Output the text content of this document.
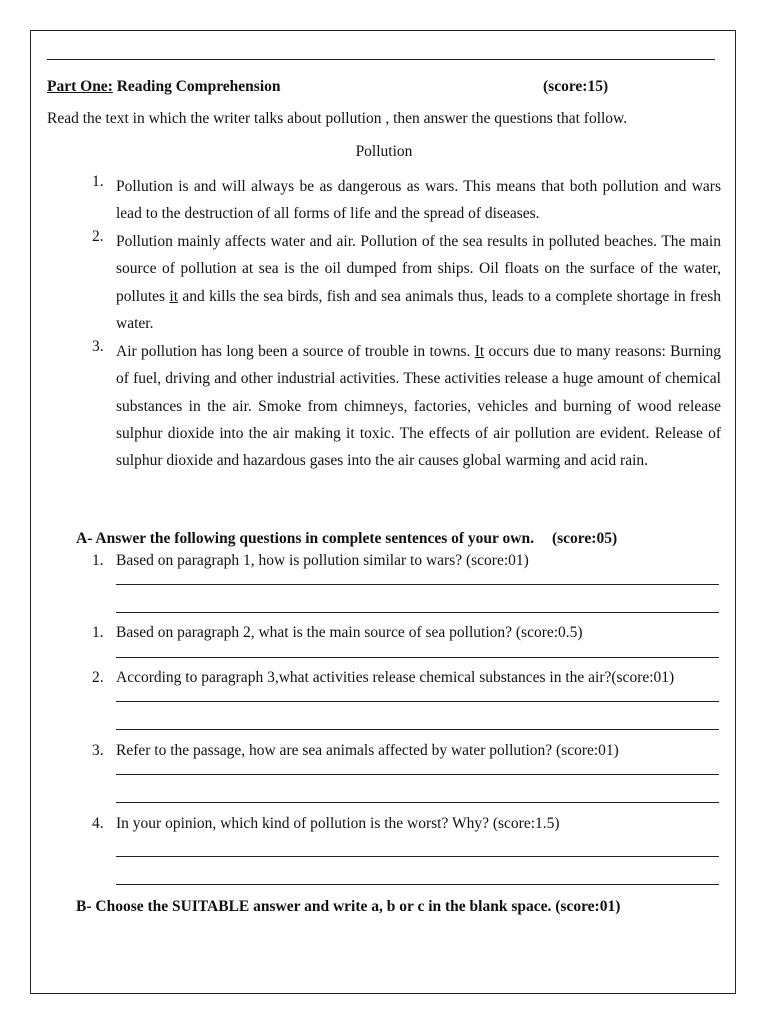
Part One: Reading Comprehension	(score:15)
Read the text in which the writer talks about pollution , then answer the questions that follow.
Pollution
1. Pollution is and will always be as dangerous as wars. This means that both pollution and wars lead to the destruction of all forms of life and the spread of diseases.
2. Pollution mainly affects water and air. Pollution of the sea results in polluted beaches. The main source of pollution at sea is the oil dumped from ships. Oil floats on the surface of the water, pollutes it and kills the sea birds, fish and sea animals thus, leads to a complete shortage in fresh water.
3. Air pollution has long been a source of trouble in towns. It occurs due to many reasons: Burning of fuel, driving and other industrial activities. These activities release a huge amount of chemical substances in the air. Smoke from chimneys, factories, vehicles and burning of wood release sulphur dioxide into the air making it toxic. The effects of air pollution are evident. Release of sulphur dioxide and hazardous gases into the air causes global warming and acid rain.
A- Answer the following questions in complete sentences of your own. (score:05)
1. Based on paragraph 1, how is pollution similar to wars? (score:01)
1. Based on paragraph 2, what is the main source of sea pollution? (score:0.5)
2. According to paragraph 3,what activities release chemical substances in the air?(score:01)
3. Refer to the passage, how are sea animals affected by water pollution? (score:01)
4. In your opinion, which kind of pollution is the worst? Why? (score:1.5)
B- Choose the SUITABLE answer and write a, b or c in the blank space. (score:01)
